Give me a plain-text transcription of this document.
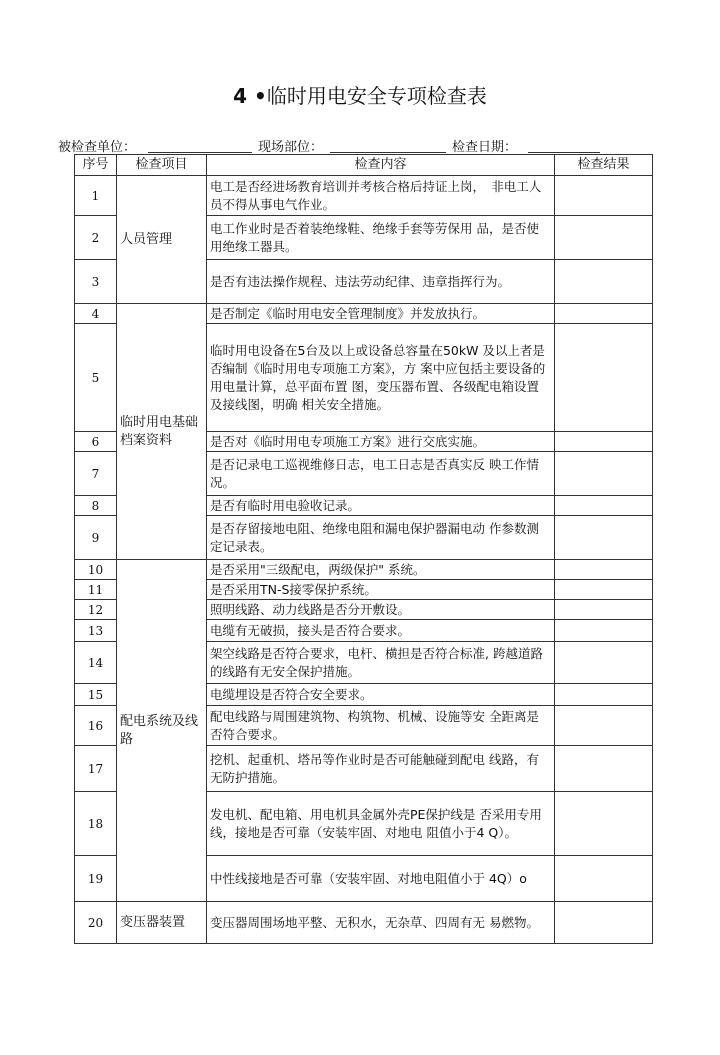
4 •临时用电安全专项检查表
被检查单位：	现场部位：	检查日期：
序号	检查项目	检查内容	检查结果
1	人员管理	电工是否经进场教育培训并考核合格后持证上岗，　非电工人员不得从事电气作业。	
2		电工作业时是否着装绝缘鞋、绝缘手套等劳保用 品，是否使用绝缘工器具。	
3		是否有违法操作规程、违法劳动纪律、违章指挥行为。	
4	临时用电基础档案资料	是否制定《临时用电安全管理制度》并发放执行。	
5		临时用电设备在5台及以上或设备总容量在50kW 及以上者是否编制《临时用电专项施工方案》，方 案中应包括主要设备的用电量计算，总平面布置 图，变压器布置、各级配电箱设置及接线图，明确 相关安全措施。	
6		是否对《临时用电专项施工方案》进行交底实施。	
7		是否记录电工巡视维修日志，电工日志是否真实反 映工作情况。	
8		是否有临时用电验收记录。	
9		是否存留接地电阻、绝缘电阻和漏电保护器漏电动 作参数测定记录表。	
10	配电系统及线路	是否采用"三级配电，两级保护" 系统。	
11		是否采用TN-S接零保护系统。	
12		照明线路、动力线路是否分开敷设。	
13		电缆有无破损，接头是否符合要求。	
14		架空线路是否符合要求，电杆、横担是否符合标准, 跨越道路的线路有无安全保护措施。	
15		电缆埋设是否符合安全要求。	
16		配电线路与周围建筑物、构筑物、机械、设施等安 全距离是否符合要求。	
17		挖机、起重机、塔吊等作业时是否可能触碰到配电 线路，有无防护措施。	
18		发电机、配电箱、用电机具金属外壳PE保护线是 否采用专用线，接地是否可靠（安装牢固、对地电 阻值小于4 Q）。	
19		中性线接地是否可靠（安装牢固、对地电阻值小于 4Q）o	
20	变压器装置	变压器周围场地平整、无积水，无杂草、四周有无 易燃物。	
